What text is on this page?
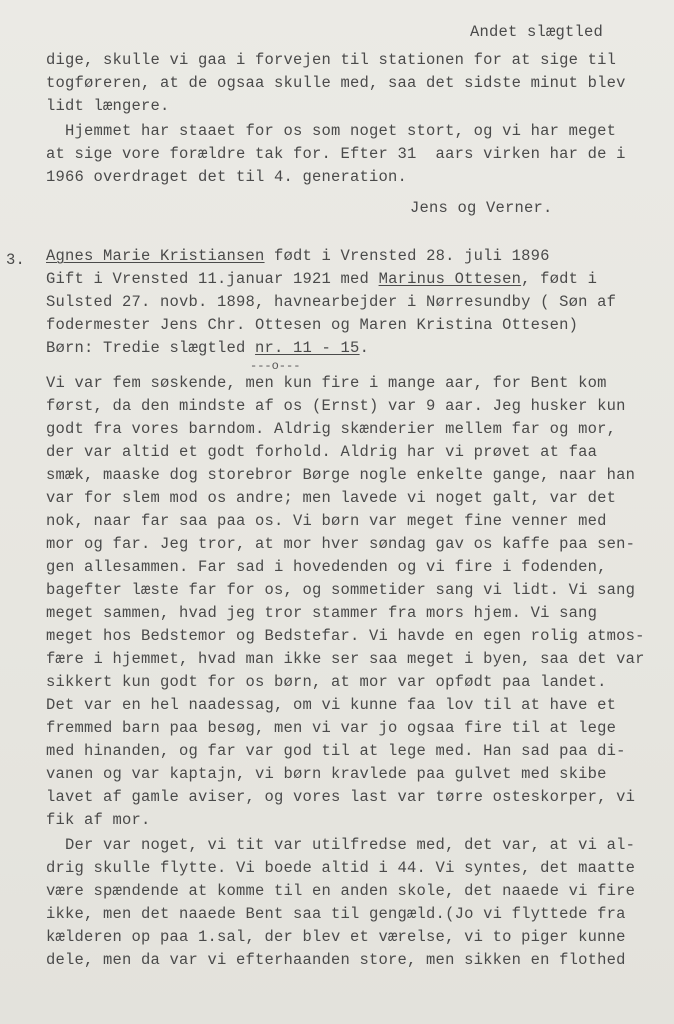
Andet slægtled
dige, skulle vi gaa i forvejen til stationen for at sige til
togføreren, at de ogsaa skulle med, saa det sidste minut blev
lidt længere.
Hjemmet har staaet for os som noget stort, og vi har meget
at sige vore forældre tak for. Efter 31  aars virken har de i
1966 overdraget det til 4. generation.
Jens og Verner.
3. Agnes Marie Kristiansen født i Vrensted 28. juli 1896
Gift i Vrensted 11.januar 1921 med Marinus Ottesen, født i
Sulsted 27. novb. 1898, havnearbejder i Nørresundby ( Søn af
fodermester Jens Chr. Ottesen og Maren Kristina Ottesen)
Børn: Tredie slægtled nr. 11 - 15.
---o---
Vi var fem søskende, men kun fire i mange aar, for Bent kom
først, da den mindste af os (Ernst) var 9 aar. Jeg husker kun
godt fra vores barndom. Aldrig skænderier mellem far og mor,
der var altid et godt forhold. Aldrig har vi prøvet at faa
smæk, maaske dog storebror Børge nogle enkelte gange, naar han
var for slem mod os andre; men lavede vi noget galt, var det
nok, naar far saa paa os. Vi børn var meget fine venner med
mor og far. Jeg tror, at mor hver søndag gav os kaffe paa sen-
gen allesammen. Far sad i hovedenden og vi fire i fodenden,
bagefter læste far for os, og sommetider sang vi lidt. Vi sang
meget sammen, hvad jeg tror stammer fra mors hjem. Vi sang
meget hos Bedstemor og Bedstefar. Vi havde en egen rolig atmos-
fære i hjemmet, hvad man ikke ser saa meget i byen, saa det var
sikkert kun godt for os børn, at mor var opfødt paa landet.
Det var en hel naadessag, om vi kunne faa lov til at have et
fremmed barn paa besøg, men vi var jo ogsaa fire til at lege
med hinanden, og far var god til at lege med. Han sad paa di-
vanen og var kaptajn, vi børn kravlede paa gulvet med skibe
lavet af gamle aviser, og vores last var tørre osteskorper, vi
fik af mor.
Der var noget, vi tit var utilfredse med, det var, at vi al-
drig skulle flytte. Vi boede altid i 44. Vi syntes, det maatte
være spændende at komme til en anden skole, det naaede vi fire
ikke, men det naaede Bent saa til gengæld.(Jo vi flyttede fra
kælderen op paa 1.sal, der blev et værelse, vi to piger kunne
dele, men da var vi efterhaanden store, men sikken en flothed
